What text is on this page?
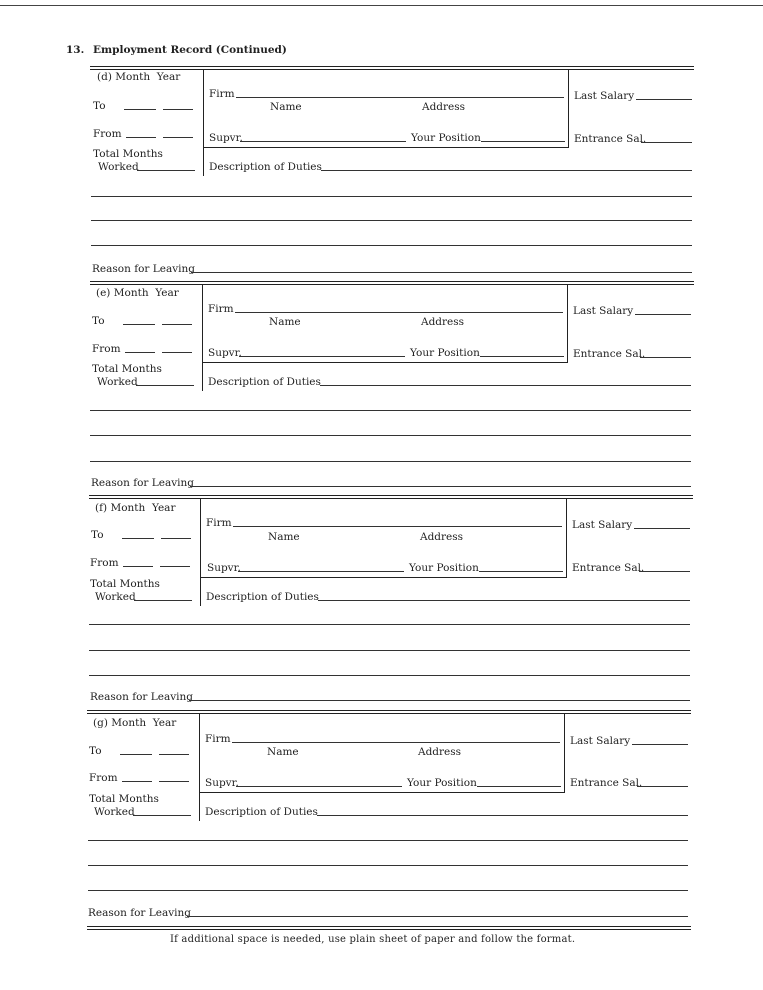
13. Employment Record (Continued)
(d) Month Year
To
From
Total Months
Worked
Firm
Name	Address
Supvr.	Your Position
Last Salary
Entrance Sal.
Description of Duties
Reason for Leaving
(e) Month Year
To
From
Total Months
Worked
Firm
Name	Address
Supvr.	Your Position
Last Salary
Entrance Sal.
Description of Duties
Reason for Leaving
(f) Month Year
To
From
Total Months
Worked
Firm
Name	Address
Supvr.	Your Position
Last Salary
Entrance Sal.
Description of Duties
Reason for Leaving
(g) Month Year
To
From
Total Months
Worked
Firm
Name	Address
Supvr.	Your Position
Last Salary
Entrance Sal.
Description of Duties
Reason for Leaving
If additional space is needed, use plain sheet of paper and follow the format.
